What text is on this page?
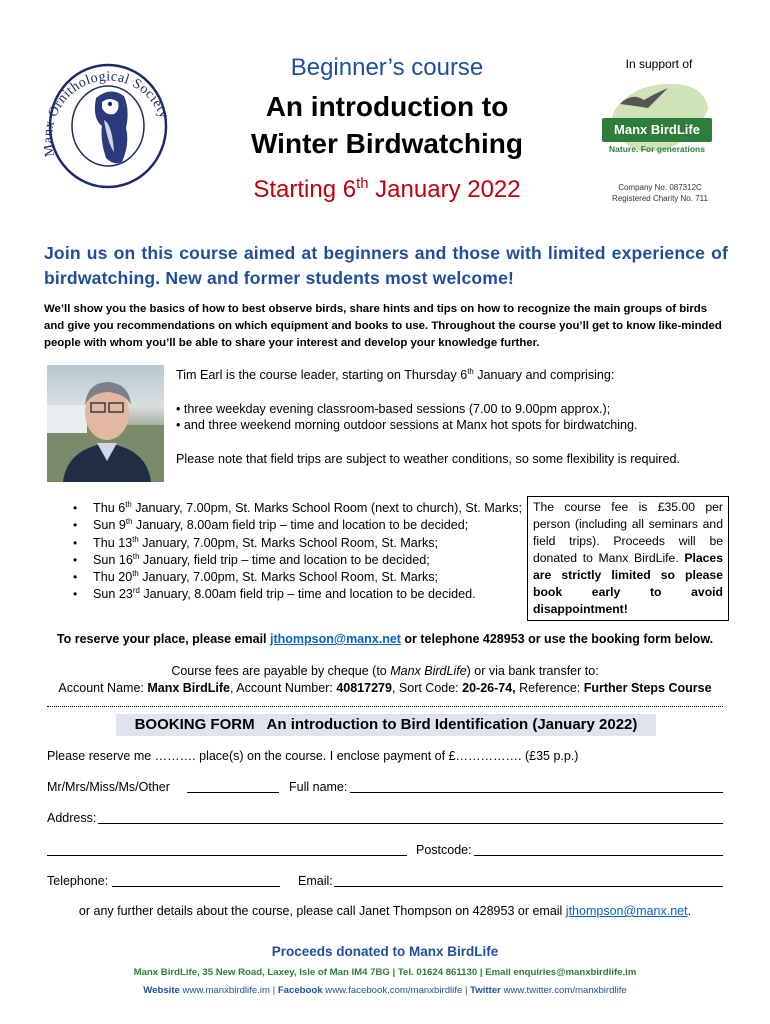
Ornithological Society
Beginner’s course
An introduction to
Winter Birdwatching
Starting 6th January 2022
In support of
Manx BirdLife
Nature. For generations
Company No. 087312C
Registered Charity No. 711
Join us on this course aimed at beginners and those with limited experience of birdwatching. New and former students most welcome!
We’ll show you the basics of how to best observe birds, share hints and tips on how to recognize the main groups of birds and give you recommendations on which equipment and books to use. Throughout the course you’ll get to know like-minded people with whom you’ll be able to share your interest and develop your knowledge further.
Tim Earl is the course leader, starting on Thursday 6th January and comprising:
• three weekday evening classroom-based sessions (7.00 to 9.00pm approx.);
• and three weekend morning outdoor sessions at Manx hot spots for birdwatching.
Please note that field trips are subject to weather conditions, so some flexibility is required.
• Thu 6th January, 7.00pm, St. Marks School Room (next to church), St. Marks;
• Sun 9th January, 8.00am field trip – time and location to be decided;
• Thu 13th January, 7.00pm, St. Marks School Room, St. Marks;
• Sun 16th January, field trip – time and location to be decided;
• Thu 20th January, 7.00pm, St. Marks School Room, St. Marks;
• Sun 23rd January, 8.00am field trip – time and location to be decided.
The course fee is £35.00 per person (including all seminars and field trips). Proceeds will be donated to Manx BirdLife. Places are strictly limited so please book early to avoid disappointment!
To reserve your place, please email jthompson@manx.net or telephone 428953 or use the booking form below.
Course fees are payable by cheque (to Manx BirdLife) or via bank transfer to:
Account Name: Manx BirdLife, Account Number: 40817279, Sort Code: 20-26-74, Reference: Further Steps Course
BOOKING FORM   An introduction to Bird Identification (January 2022)
Please reserve me ………. place(s) on the course. I enclose payment of £……………. (£35 p.p.)
Mr/Mrs/Miss/Ms/Other	Full name:
Address:
Postcode:
Telephone:	Email:
or any further details about the course, please call Janet Thompson on 428953 or email jthompson@manx.net.
Proceeds donated to Manx BirdLife
Manx BirdLife, 35 New Road, Laxey, Isle of Man IM4 7BG | Tel. 01624 861130 | Email enquiries@manxbirdlife.im
Website www.manxbirdlife.im | Facebook www.facebook.com/manxbirdlife | Twitter www.twitter.com/manxbirdlife
